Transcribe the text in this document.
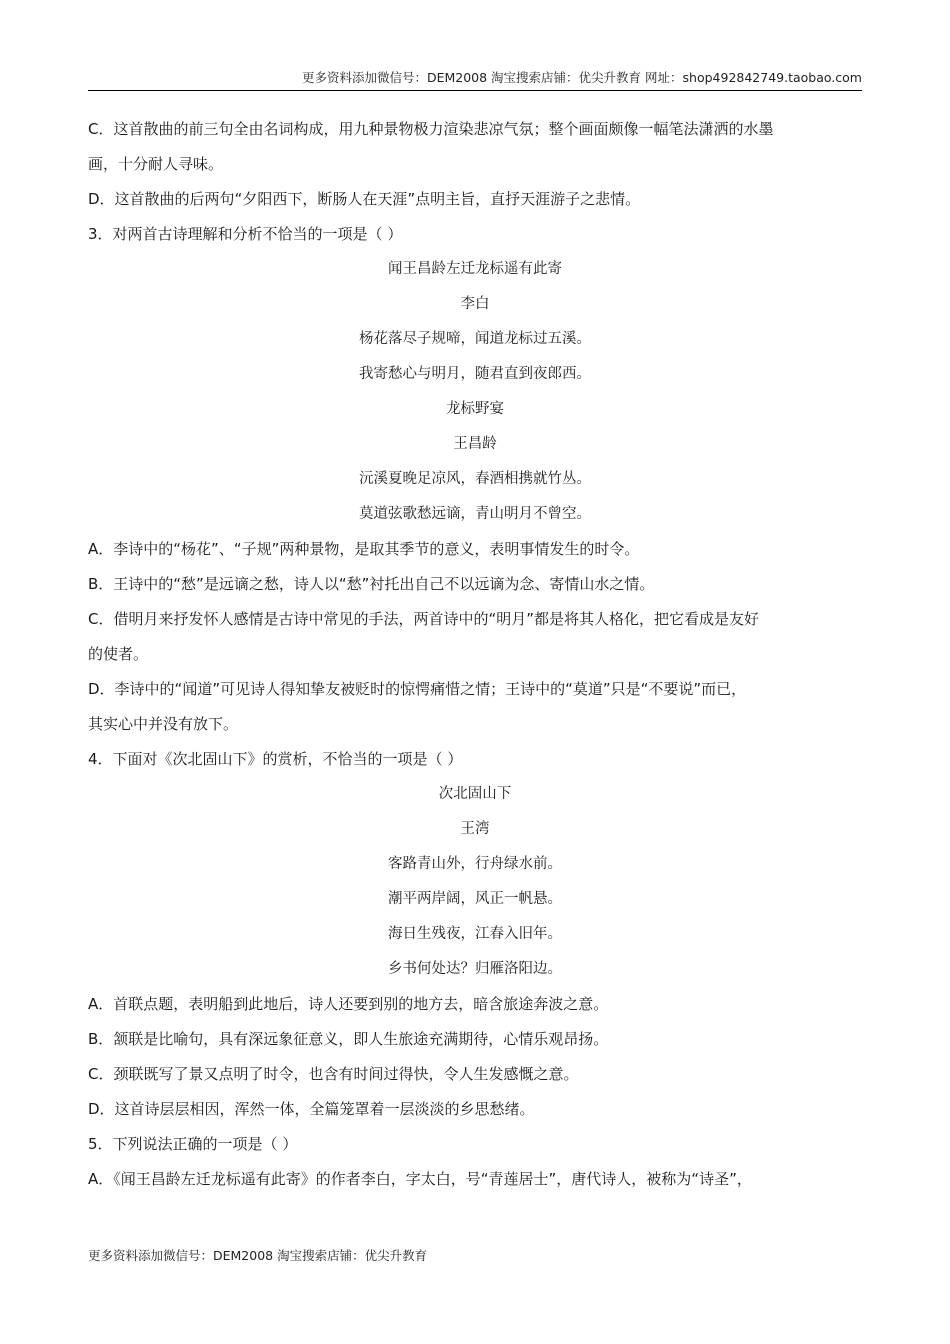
更多资料添加微信号：DEM2008 淘宝搜索店铺：优尖升教育 网址：shop492842749.taobao.com

C．这首散曲的前三句全由名词构成，用九种景物极力渲染悲凉气氛；整个画面颇像一幅笔法潇洒的水墨

画，十分耐人寻味。

D．这首散曲的后两句“夕阳西下，断肠人在天涯”点明主旨，直抒天涯游子之悲情。

3．对两首古诗理解和分析不恰当的一项是（ ）

闻王昌龄左迁龙标遥有此寄

李白

杨花落尽子规啼，闻道龙标过五溪。

我寄愁心与明月，随君直到夜郎西。

龙标野宴

王昌龄

沅溪夏晚足凉风，春酒相携就竹丛。

莫道弦歌愁远谪，青山明月不曾空。

A．李诗中的“杨花”、“子规”两种景物，是取其季节的意义，表明事情发生的时令。

B．王诗中的“愁”是远谪之愁，诗人以“愁”衬托出自己不以远谪为念、寄情山水之情。

C．借明月来抒发怀人感情是古诗中常见的手法，两首诗中的“明月”都是将其人格化，把它看成是友好

的使者。

D．李诗中的“闻道”可见诗人得知挚友被贬时的惊愕痛惜之情；王诗中的“莫道”只是“不要说”而已，

其实心中并没有放下。

4．下面对《次北固山下》的赏析，不恰当的一项是（ ）

次北固山下

王湾

客路青山外，行舟绿水前。

潮平两岸阔，风正一帆悬。

海日生残夜，江春入旧年。

乡书何处达？归雁洛阳边。

A．首联点题，表明船到此地后，诗人还要到别的地方去，暗含旅途奔波之意。

B．颔联是比喻句，具有深远象征意义，即人生旅途充满期待，心情乐观昂扬。

C．颈联既写了景又点明了时令，也含有时间过得快，令人生发感慨之意。

D．这首诗层层相因，浑然一体，全篇笼罩着一层淡淡的乡思愁绪。

5．下列说法正确的一项是（ ）

A．《闻王昌龄左迁龙标遥有此寄》的作者李白，字太白，号“青莲居士”，唐代诗人，被称为“诗圣”，

更多资料添加微信号：DEM2008 淘宝搜索店铺：优尖升教育
